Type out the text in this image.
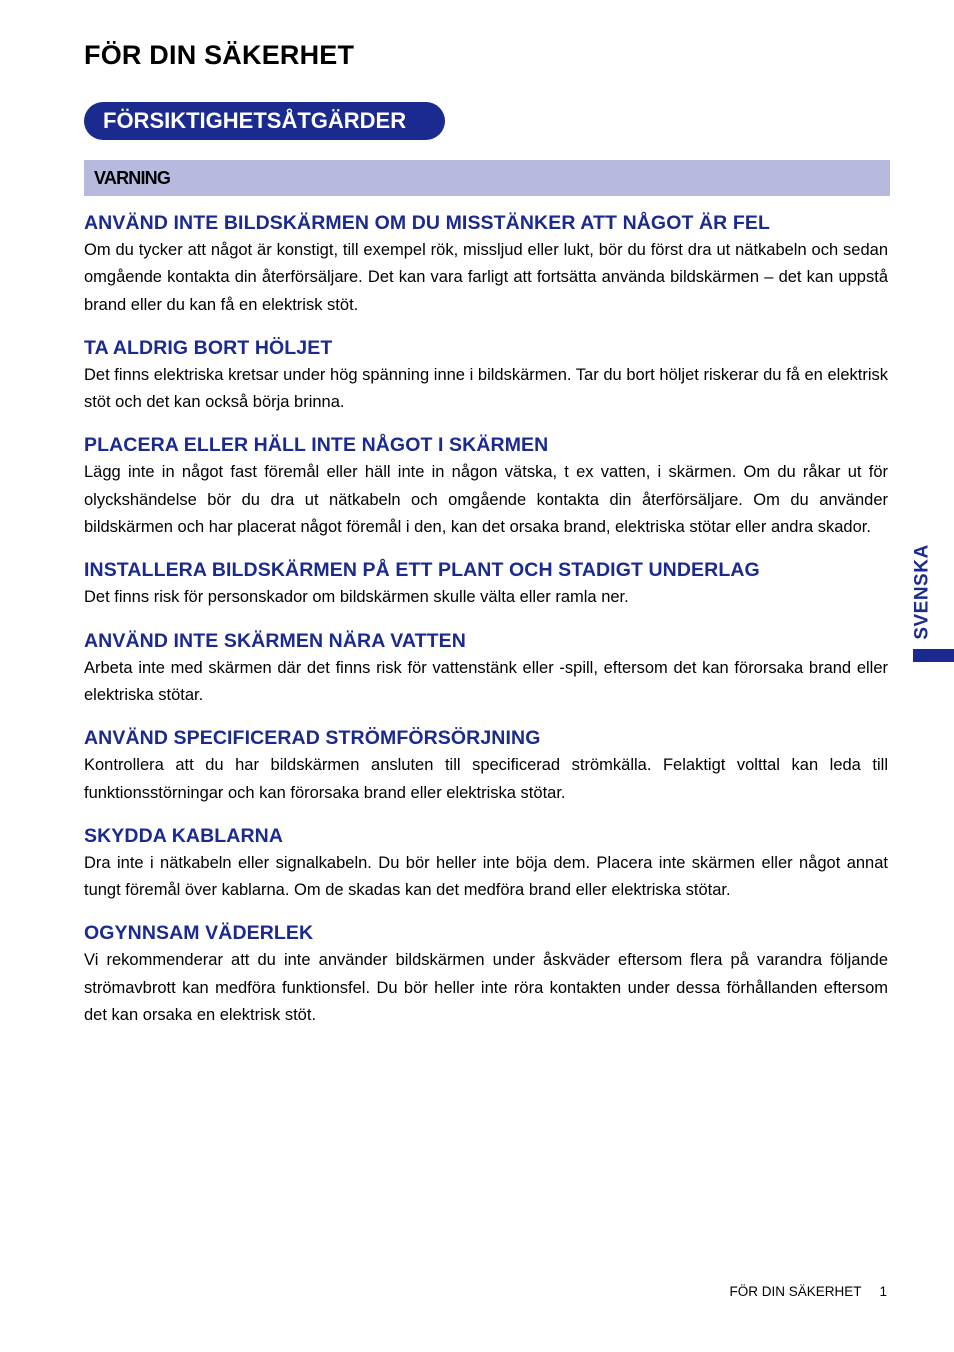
FÖR DIN SÄKERHET
FÖRSIKTIGHETSÅTGÄRDER
VARNING
ANVÄND INTE BILDSKÄRMEN OM DU MISSTÄNKER ATT NÅGOT ÄR FEL

Om du tycker att något är konstigt, till exempel rök, missljud eller lukt, bör du först dra ut nätkabeln och sedan omgående kontakta din återförsäljare. Det kan vara farligt att fortsätta använda bildskärmen – det kan uppstå brand eller du kan få en elektrisk stöt.

TA ALDRIG BORT HÖLJET

Det finns elektriska kretsar under hög spänning inne i bildskärmen. Tar du bort höljet riskerar du få en elektrisk stöt och det kan också börja brinna.

PLACERA ELLER HÄLL INTE NÅGOT I SKÄRMEN

Lägg inte in något fast föremål eller häll inte in någon vätska, t ex vatten, i skärmen. Om du råkar ut för olyckshändelse bör du dra ut nätkabeln och omgående kontakta din återförsäljare. Om du använder bildskärmen och har placerat något föremål i den, kan det orsaka brand, elektriska stötar eller andra skador.

INSTALLERA BILDSKÄRMEN PÅ ETT PLANT OCH STADIGT UNDERLAG

Det finns risk för personskador om bildskärmen skulle välta eller ramla ner.

ANVÄND INTE SKÄRMEN NÄRA VATTEN

Arbeta inte med skärmen där det finns risk för vattenstänk eller -spill, eftersom det kan förorsaka brand eller elektriska stötar.

ANVÄND SPECIFICERAD STRÖMFÖRSÖRJNING

Kontrollera att du har bildskärmen ansluten till specificerad strömkälla. Felaktigt volttal kan leda till funktionsstörningar och kan förorsaka brand eller elektriska stötar.

SKYDDA KABLARNA

Dra inte i nätkabeln eller signalkabeln. Du bör heller inte böja dem. Placera inte skärmen eller något annat tungt föremål över kablarna. Om de skadas kan det medföra brand eller elektriska stötar.

OGYNNSAM VÄDERLEK

Vi rekommenderar att du inte använder bildskärmen under åskväder eftersom flera på varandra följande strömavbrott kan medföra funktionsfel. Du bör heller inte röra kontakten under dessa förhållanden eftersom det kan orsaka en elektrisk stöt.

SVENSKA
FÖR DIN SÄKERHET 1
